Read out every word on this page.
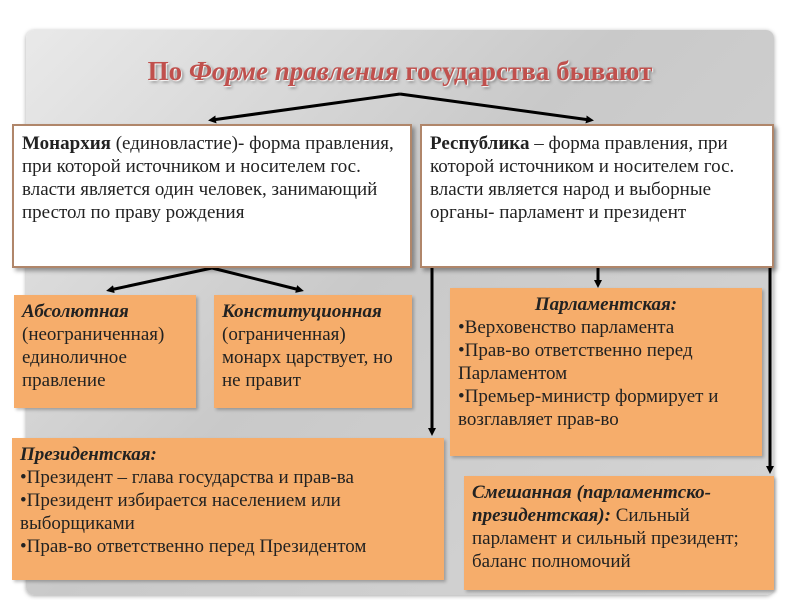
По Форме правления государства бывают
Монархия (единовластие)- форма правления, при которой источником и носителем гос. власти является один человек, занимающий престол по праву рождения
Республика – форма правления, при которой источником и носителем гос. власти является народ и выборные органы- парламент и президент
Абсолютная
(неограниченная) единоличное правление
Конституционная
(ограниченная) монарх царствует, но не правит
Парламентская:
•Верховенство парламента
•Прав-во ответственно перед Парламентом
•Премьер-министр формирует и возглавляет прав-во
Президентская:
•Президент – глава государства и прав-ва
•Президент избирается населением или выборщиками
•Прав-во ответственно перед Президентом
Смешанная (парламентско-президентская): Сильный парламент и сильный президент; баланс полномочий
